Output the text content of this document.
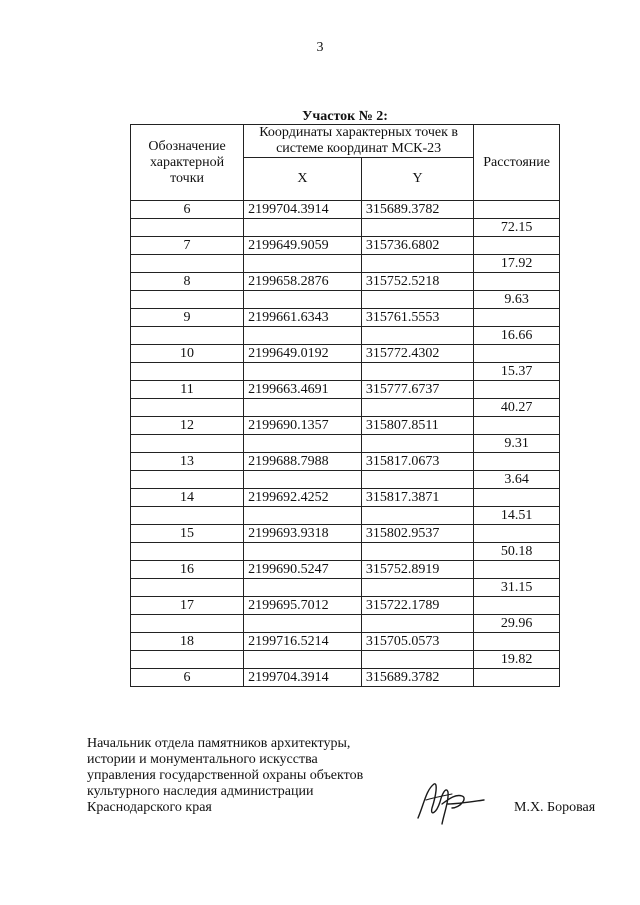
3
Участок № 2:
Обозначение характерной точки	Координаты характерных точек в системе координат МСК-23		Расстояние
	X	Y	
6	2199704.3914	315689.3782	
			72.15
7	2199649.9059	315736.6802	
			17.92
8	2199658.2876	315752.5218	
			9.63
9	2199661.6343	315761.5553	
			16.66
10	2199649.0192	315772.4302	
			15.37
11	2199663.4691	315777.6737	
			40.27
12	2199690.1357	315807.8511	
			9.31
13	2199688.7988	315817.0673	
			3.64
14	2199692.4252	315817.3871	
			14.51
15	2199693.9318	315802.9537	
			50.18
16	2199690.5247	315752.8919	
			31.15
17	2199695.7012	315722.1789	
			29.96
18	2199716.5214	315705.0573	
			19.82
6	2199704.3914	315689.3782	
Начальник отдела памятников архитектуры,
истории и монументального искусства
управления государственной охраны объектов
культурного наследия администрации
Краснодарского края	М.Х. Боровая
